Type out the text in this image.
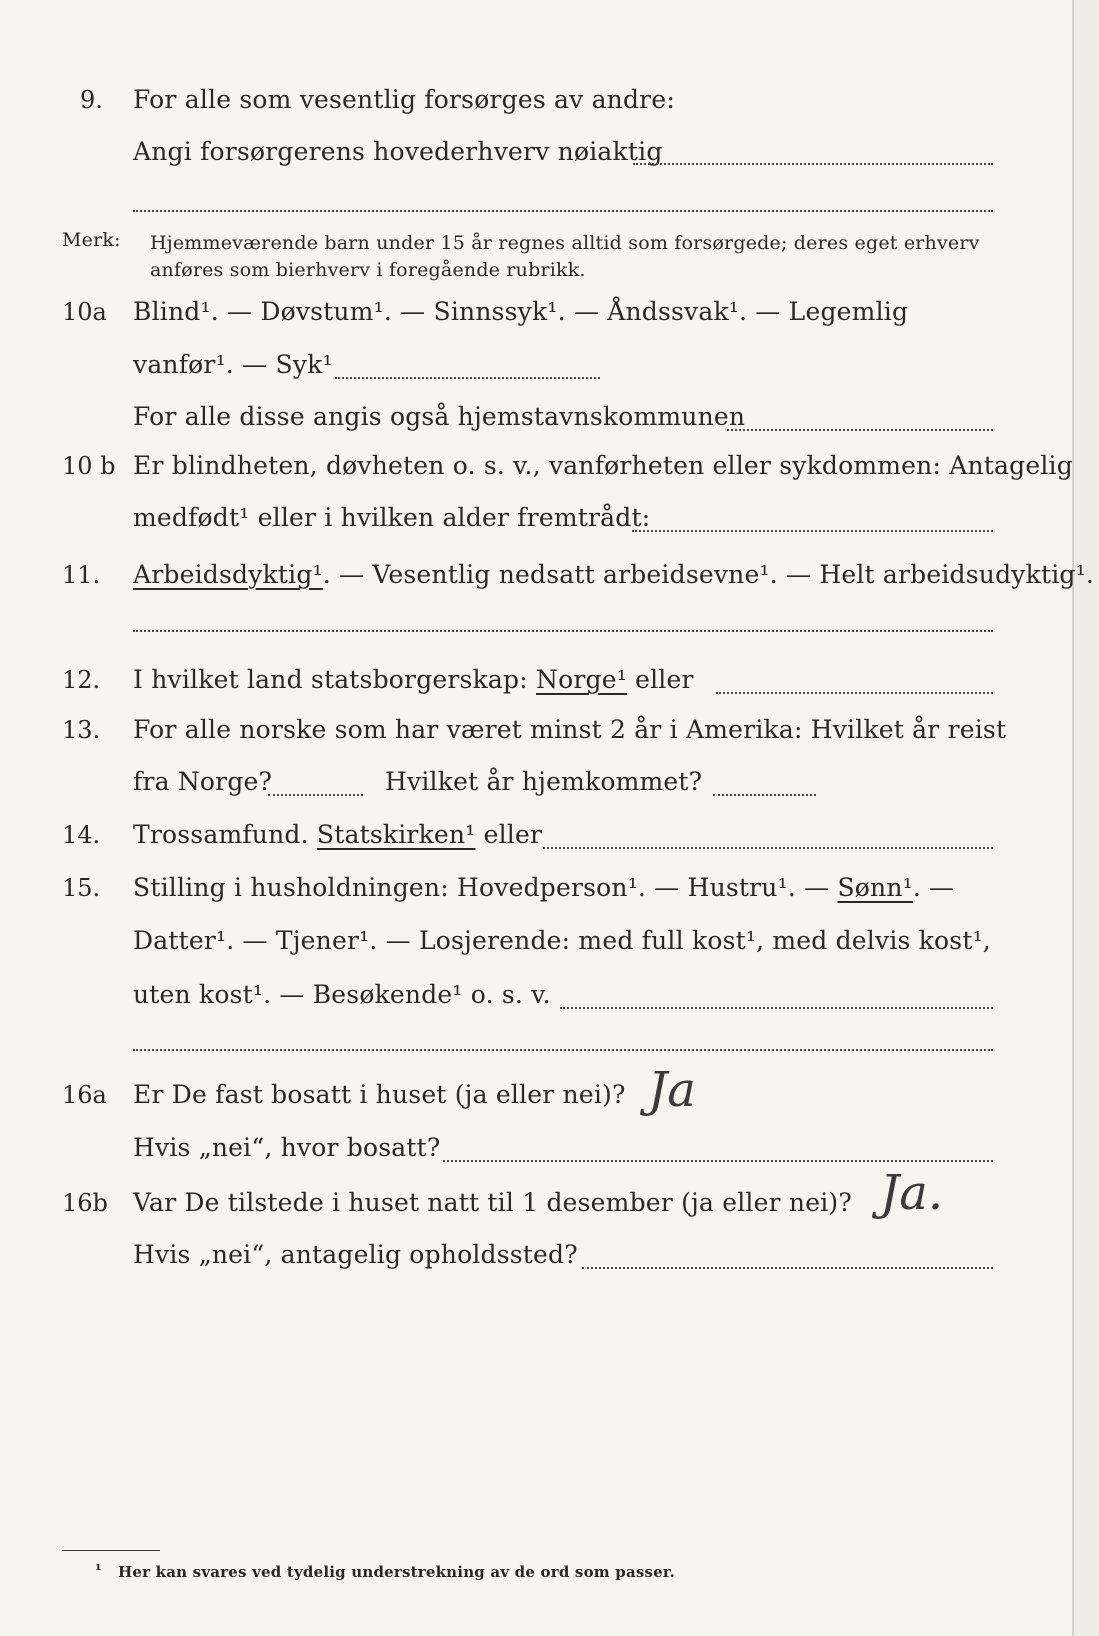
9. For alle som vesentlig forsørges av andre:
Angi forsørgerens hovederhverv nøiaktig
Merk: Hjemmeværende barn under 15 år regnes alltid som forsørgede; deres eget erhverv
anføres som bierhverv i foregående rubrikk.
10a Blind¹. — Døvstum¹. — Sinnssyk¹. — Åndssvak¹. — Legemlig
vanfør¹. — Syk¹
For alle disse angis også hjemstavnskommunen
10 b Er blindheten, døvheten o. s. v., vanførheten eller sykdommen: Antagelig
medfødt¹ eller i hvilken alder fremtrådt:
11. Arbeidsdyktig¹. — Vesentlig nedsatt arbeidsevne¹. — Helt arbeidsudyktig¹.
12. I hvilket land statsborgerskap: Norge¹ eller
13. For alle norske som har været minst 2 år i Amerika: Hvilket år reist
fra Norge?	Hvilket år hjemkommet?
14. Trossamfund. Statskirken¹ eller
15. Stilling i husholdningen: Hovedperson¹. — Hustru¹. — Sønn¹. —
Datter¹. — Tjener¹. — Losjerende: med full kost¹, med delvis kost¹,
uten kost¹. — Besøkende¹ o. s. v.
16a Er De fast bosatt i huset (ja eller nei)? Ja
Hvis „nei“, hvor bosatt?
16b Var De tilstede i huset natt til 1 desember (ja eller nei)? Ja.
Hvis „nei“, antagelig opholdssted?
¹ Her kan svares ved tydelig understrekning av de ord som passer.
